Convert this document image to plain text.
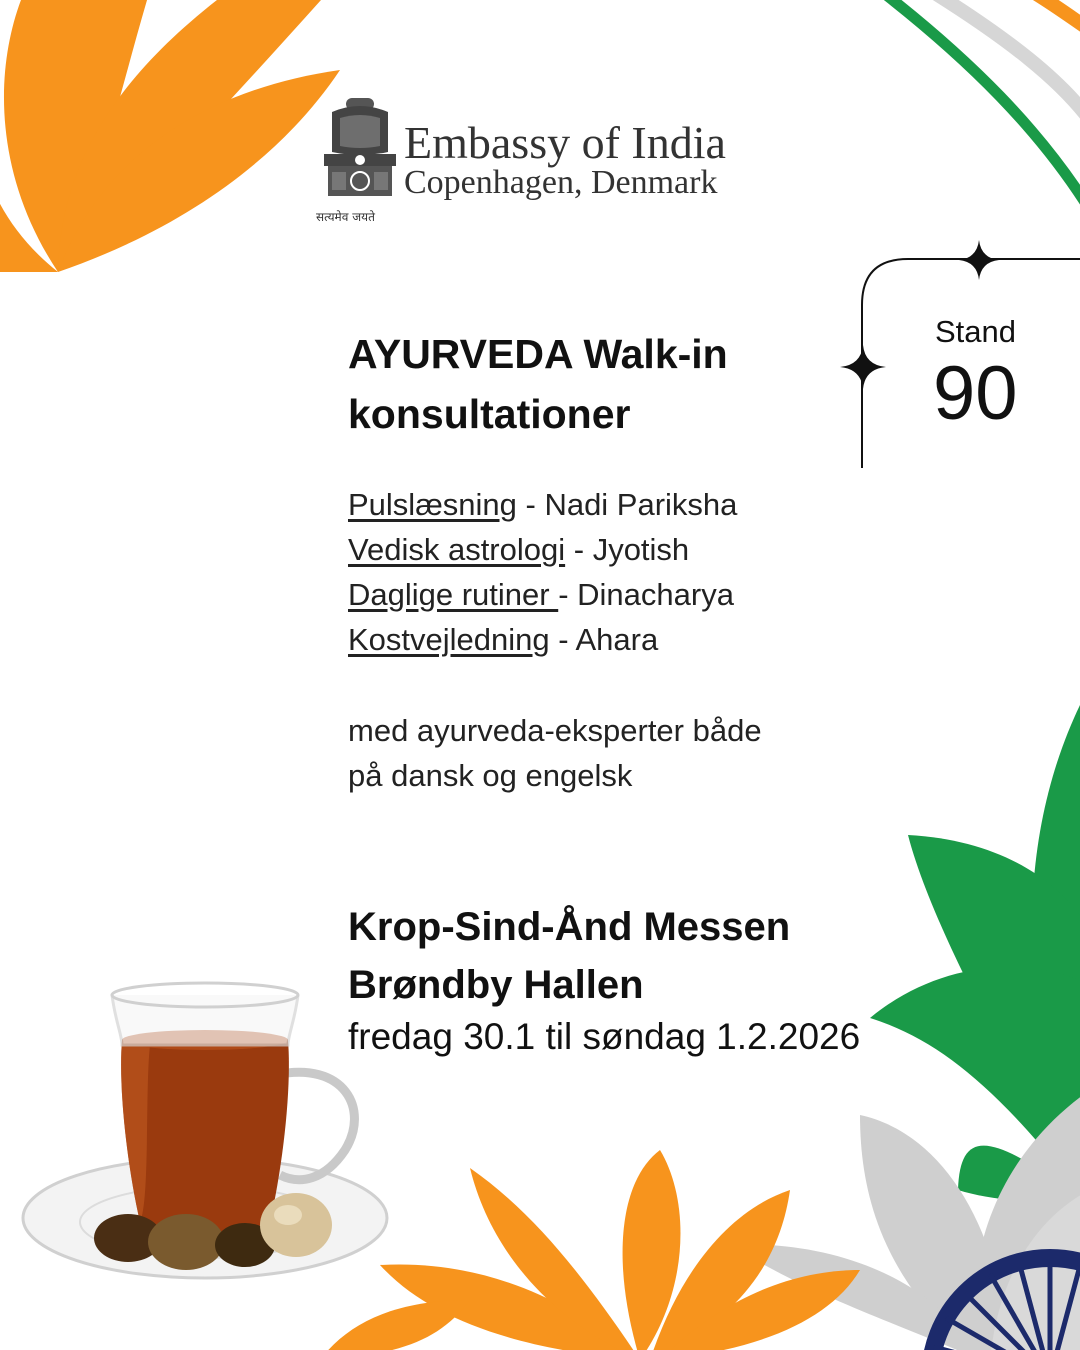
सत्यमेव जयते
Embassy of India
Copenhagen, Denmark
AYURVEDA Walk-in
konsultationer
Stand
90
Pulslæsning - Nadi Pariksha
Vedisk astrologi - Jyotish
Daglige rutiner - Dinacharya
Kostvejledning - Ahara
med ayurveda-eksperter både
på dansk og engelsk
Krop-Sind-Ånd Messen
Brøndby Hallen
fredag 30.1 til søndag 1.2.2026
